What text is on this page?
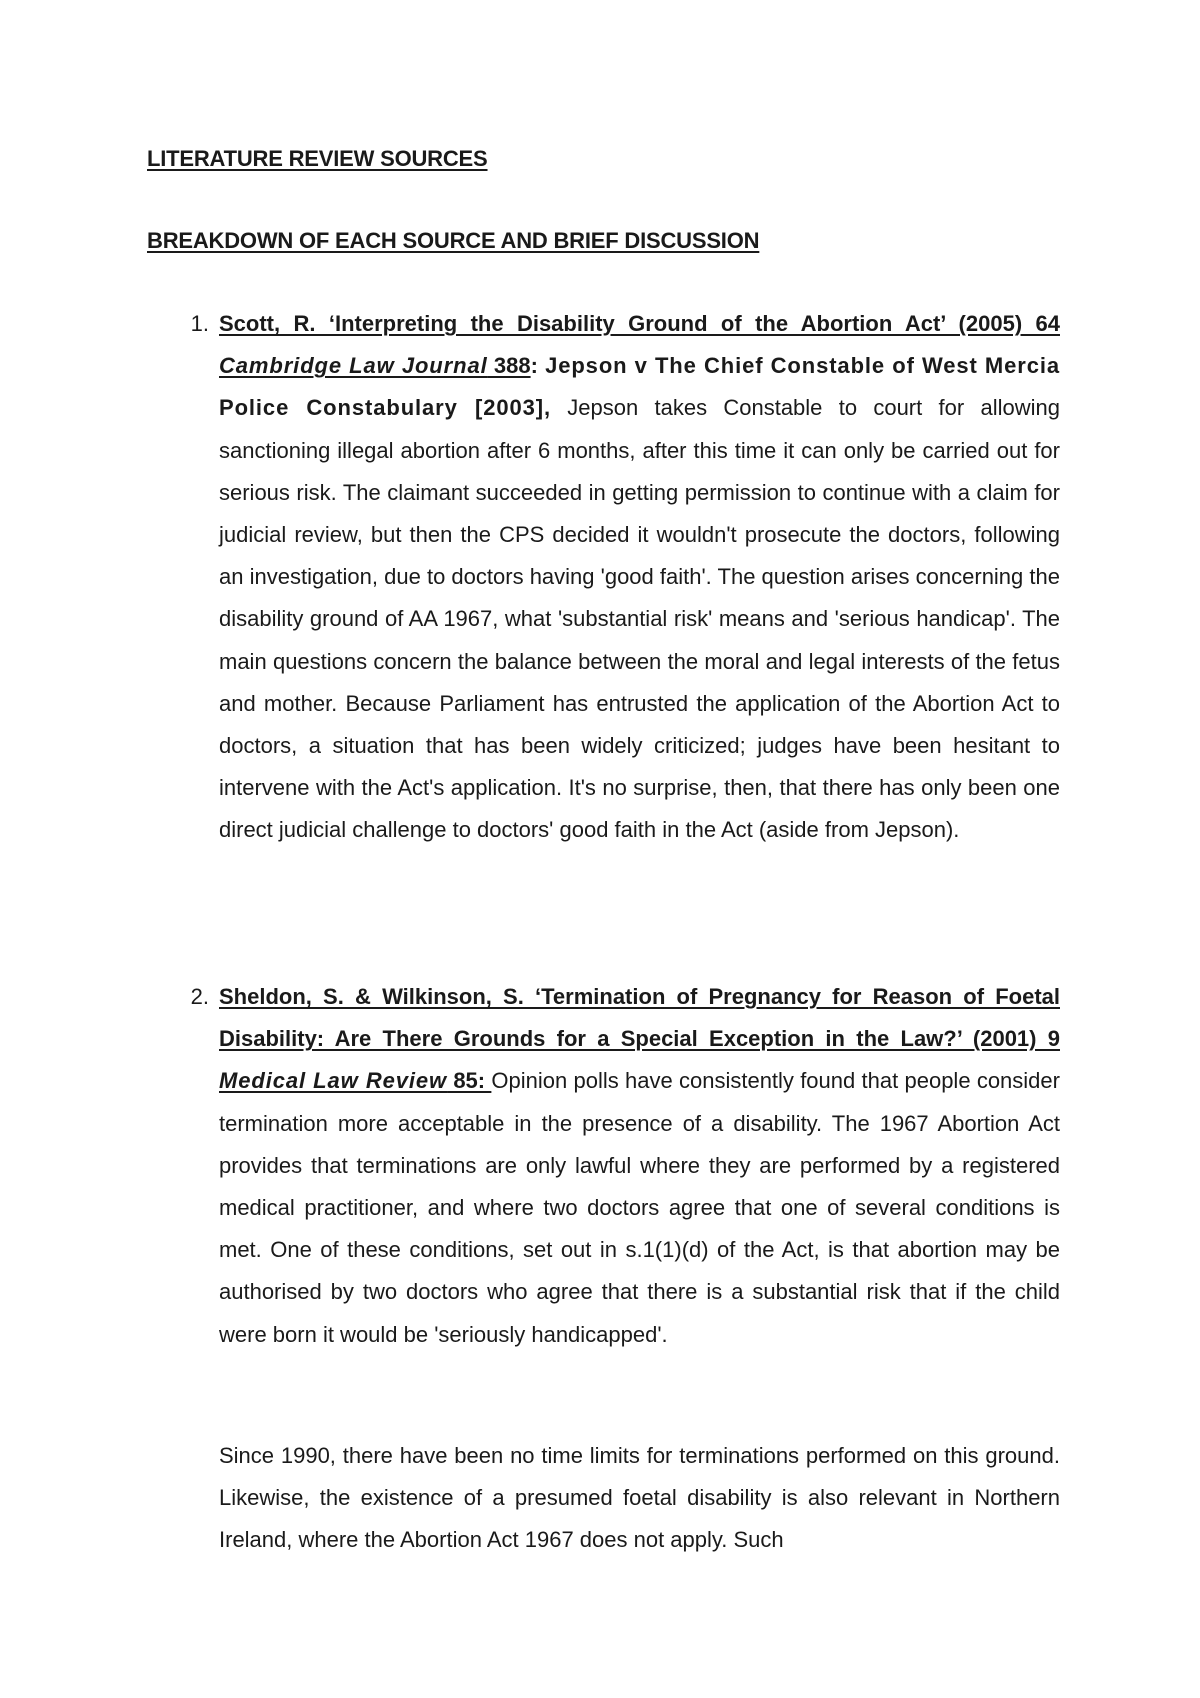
LITERATURE REVIEW SOURCES

BREAKDOWN OF EACH SOURCE AND BRIEF DISCUSSION

1. Scott, R. ‘Interpreting the Disability Ground of the Abortion Act’ (2005) 64 Cambridge Law Journal 388: Jepson v The Chief Constable of West Mercia Police Constabulary [2003], Jepson takes Constable to court for allowing sanctioning illegal abortion after 6 months, after this time it can only be carried out for serious risk. The claimant succeeded in getting permission to continue with a claim for judicial review, but then the CPS decided it wouldn't prosecute the doctors, following an investigation, due to doctors having 'good faith'. The question arises concerning the disability ground of AA 1967, what 'substantial risk' means and 'serious handicap'. The main questions concern the balance between the moral and legal interests of the fetus and mother. Because Parliament has entrusted the application of the Abortion Act to doctors, a situation that has been widely criticized; judges have been hesitant to intervene with the Act's application. It's no surprise, then, that there has only been one direct judicial challenge to doctors' good faith in the Act (aside from Jepson).
2. Sheldon, S. & Wilkinson, S. ‘Termination of Pregnancy for Reason of Foetal Disability: Are There Grounds for a Special Exception in the Law?’ (2001) 9 Medical Law Review 85: Opinion polls have consistently found that people consider termination more acceptable in the presence of a disability. The 1967 Abortion Act provides that terminations are only lawful where they are performed by a registered medical practitioner, and where two doctors agree that one of several conditions is met. One of these conditions, set out in s.1(1)(d) of the Act, is that abortion may be authorised by two doctors who agree that there is a substantial risk that if the child were born it would be 'seriously handicapped'.

Since 1990, there have been no time limits for terminations performed on this ground. Likewise, the existence of a presumed foetal disability is also relevant in Northern Ireland, where the Abortion Act 1967 does not apply. Such
